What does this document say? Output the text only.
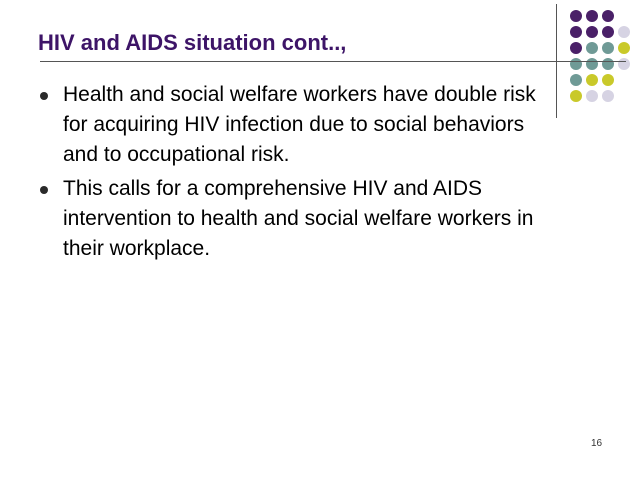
HIV and AIDS situation cont..,
Health and social welfare workers have double risk for acquiring HIV infection due to social behaviors and to occupational risk.
This calls for a comprehensive HIV and AIDS intervention to health and social welfare workers in their workplace.
16
